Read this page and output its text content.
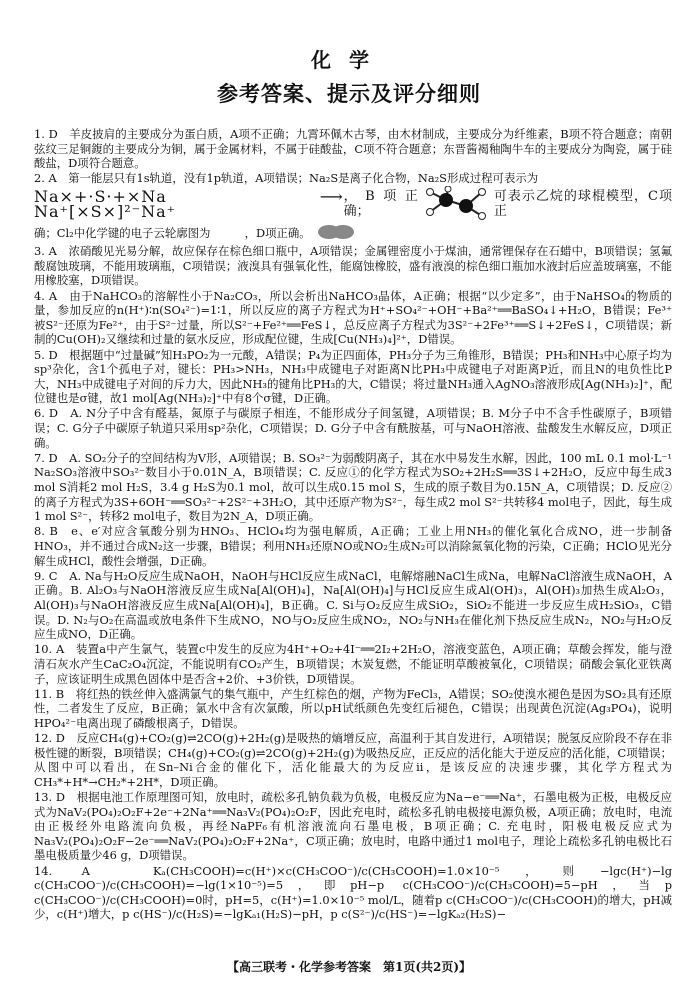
化学
参考答案、提示及评分细则
1. D　羊皮披肩的主要成分为蛋白质，A项不正确；九霄环佩木古琴，由木材制成，主要成分为纤维素，B项不符合题意；南朝弦纹三足铜鍑的主要成分为铜，属于金属材料，不属于硅酸盐，C项不符合题意；东晋酱褐釉陶牛车的主要成分为陶瓷，属于硅酸盐，D项符合题意。
2. A　第一能层只有1s轨道，没有1p轨道，A项错误；Na₂S是离子化合物，Na₂S形成过程可表示为
Na×+·S·+×Na ⟶ Na⁺[×S×]²⁻Na⁺
，B项正确；
可表示乙烷的球棍模型，C项正
确；Cl₂中化学键的电子云轮廓图为　　　，D项正确。
3. A　浓硝酸见光易分解，故应保存在棕色细口瓶中，A项错误；金属锂密度小于煤油，通常锂保存在石蜡中，B项错误；氢氟酸腐蚀玻璃，不能用玻璃瓶，C项错误；液溴具有强氧化性，能腐蚀橡胶，盛有液溴的棕色细口瓶加水液封后应盖玻璃塞，不能用橡胶塞，D项错误。
4. A　由于NaHCO₃的溶解性小于Na₂CO₃，所以会析出NaHCO₃晶体，A正确；根据“以少定多”，由于NaHSO₄的物质的量，参加反应的n(H⁺)∶n(SO₄²⁻)=1∶1，所以反应的离子方程式为H⁺+SO₄²⁻+OH⁻+Ba²⁺══BaSO₄↓+H₂O，B错误；Fe³⁺被S²⁻还原为Fe²⁺，由于S²⁻过量，所以S²⁻+Fe²⁺══FeS↓，总反应离子方程式为3S²⁻+2Fe³⁺══S↓+2FeS↓，C项错误；新制的Cu(OH)₂又继续和过量的氨水反应，形成配位键，生成[Cu(NH₃)₄]²⁺，D错误。
5. D　根据题中“过量碱”知H₃PO₂为一元酸，A错误；P₄为正四面体，PH₃分子为三角锥形，B错误；PH₃和NH₃中心原子均为sp³杂化，含1个孤电子对，键长：PH₃>NH₃，NH₃中成键电子对距离N比PH₃中成键电子对距离P近，而且N的电负性比P大，NH₃中成键电子对间的斥力大，因此NH₃的键角比PH₃的大，C错误；将过量NH₃通入AgNO₃溶液形成[Ag(NH₃)₂]⁺，配位键也是σ键，故1 mol[Ag(NH₃)₂]⁺中有8个σ键，D正确。
6. D　A. N分子中含有醛基，氮原子与碳原子相连，不能形成分子间氢键，A项错误；B. M分子中不含手性碳原子，B项错误；C. G分子中碳原子轨道只采用sp²杂化，C项错误；D. G分子中含有酰胺基，可与NaOH溶液、盐酸发生水解反应，D项正确。
7. D　A. SO₂分子的空间结构为V形，A项错误；B. SO₃²⁻为弱酸阴离子，其在水中易发生水解，因此，100 mL 0.1 mol·L⁻¹ Na₂SO₃溶液中SO₃²⁻数目小于0.01N_A，B项错误；C. 反应①的化学方程式为SO₂+2H₂S══3S↓+2H₂O，反应中每生成3 mol S消耗2 mol H₂S，3.4 g H₂S为0.1 mol，故可以生成0.15 mol S，生成的原子数目为0.15N_A，C项错误；D. 反应②的离子方程式为3S+6OH⁻══SO₃²⁻+2S²⁻+3H₂O，其中还原产物为S²⁻，每生成2 mol S²⁻共转移4 mol电子，因此，每生成1 mol S²⁻，转移2 mol电子，数目为2N_A，D项正确。
8. B　e、e′对应含氧酸分别为HNO₃、HClO₄均为强电解质，A正确；工业上用NH₃的催化氧化合成NO，进一步制备HNO₃，并不通过合成N₂这一步骤，B错误；利用NH₃还原NO或NO₂生成N₂可以消除氮氧化物的污染，C正确；HClO见光分解生成HCl，酸性会增强，D正确。
9. C　A. Na与H₂O反应生成NaOH，NaOH与HCl反应生成NaCl，电解熔融NaCl生成Na，电解NaCl溶液生成NaOH，A正确。B. Al₂O₃与NaOH溶液反应生成Na[Al(OH)₄]，Na[Al(OH)₄]与HCl反应生成Al(OH)₃，Al(OH)₃加热生成Al₂O₃，Al(OH)₃与NaOH溶液反应生成Na[Al(OH)₄]，B正确。C. Si与O₂反应生成SiO₂，SiO₂不能进一步反应生成H₂SiO₃，C错误。D. N₂与O₂在高温或放电条件下生成NO，NO与O₂反应生成NO₂，NO₂与NH₃在催化剂下热反应生成N₂，NO₂与H₂O反应生成NO，D正确。
10. A　装置a中产生氯气，装置c中发生的反应为4H⁺+O₂+4I⁻══2I₂+2H₂O，溶液变蓝色，A项正确；草酸会挥发，能与澄清石灰水产生CaC₂O₄沉淀，不能说明有CO₂产生，B项错误；木炭复燃，不能证明草酸被氧化，C项错误；硝酸会氧化亚铁离子，应该证明生成黑色固体中是否含+2价、+3价铁，D项错误。
11. B　将红热的铁丝伸入盛满氯气的集气瓶中，产生红棕色的烟，产物为FeCl₃，A错误；SO₂使溴水褪色是因为SO₂具有还原性，二者发生了反应，B正确；氯水中含有次氯酸，所以pH试纸颜色先变红后褪色，C错误；出现黄色沉淀(Ag₃PO₄)，说明HPO₄²⁻电离出现了磷酸根离子，D错误。
12. D　反应CH₄(g)+CO₂(g)⇌2CO(g)+2H₂(g)是吸热的熵增反应，高温利于其自发进行，A项错误；脱氢反应阶段不存在非极性键的断裂，B项错误；CH₄(g)+CO₂(g)⇌2CO(g)+2H₂(g)为吸热反应，正反应的活化能大于逆反应的活化能，C项错误；从图中可以看出，在Sn–Ni合金的催化下，活化能最大的为反应ii，是该反应的决速步骤，其化学方程式为CH₃*+H*→CH₂*+2H*，D项正确。
13. D　根据电池工作原理图可知，放电时，疏松多孔钠负载为负极，电极反应为Na−e⁻══Na⁺，石墨电极为正极，电极反应式为NaV₂(PO₄)₂O₂F+2e⁻+2Na⁺══Na₃V₂(PO₄)₂O₂F，因此充电时，疏松多孔钠电极接电源负极，A项正确；放电时，电流由正极经外电路流向负极，再经NaPF₆有机溶液流向石墨电极，B项正确；C. 充电时，阳极电极反应式为Na₃V₂(PO₄)₂O₂F−2e⁻══NaV₂(PO₄)₂O₂F+2Na⁺，C项正确；放电时，电路中通过1 mol电子，理论上疏松多孔钠电极比石墨电极质量少46 g，D项错误。
14. A　Kₐ(CH₃COOH)=c(H⁺)×c(CH₃COO⁻)/c(CH₃COOH)=1.0×10⁻⁵，则−lgc(H⁺)−lg c(CH₃COO⁻)/c(CH₃COOH)=−lg(1×10⁻⁵)=5，即pH−p c(CH₃COO⁻)/c(CH₃COOH)=5−pH，当p c(CH₃COO⁻)/c(CH₃COOH)=0时，pH=5，c(H⁺)=1.0×10⁻⁵ mol/L，随着p c(CH₃COO⁻)/c(CH₃COOH)的增大，pH减少，c(H⁺)增大，p c(HS⁻)/c(H₂S)=−lgKₐ₁(H₂S)−pH，p c(S²⁻)/c(HS⁻)=−lgKₐ₂(H₂S)−
【高三联考・化学参考答案　第1页(共2页)】
